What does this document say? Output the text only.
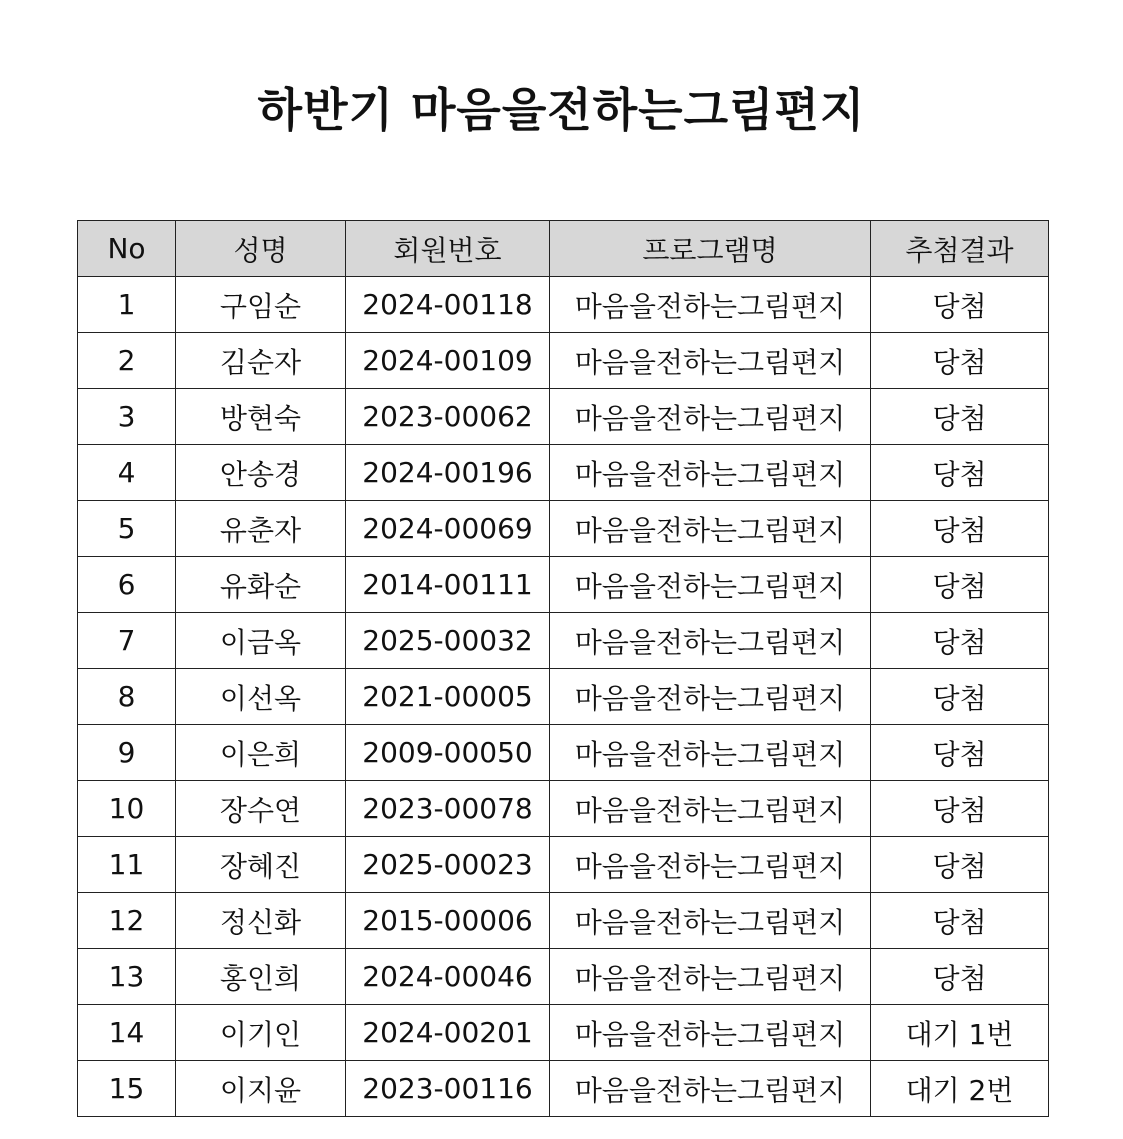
하반기 마음을전하는그림편지
No	성명	회원번호	프로그램명	추첨결과
1	구임순	2024-00118	마음을전하는그림편지	당첨
2	김순자	2024-00109	마음을전하는그림편지	당첨
3	방현숙	2023-00062	마음을전하는그림편지	당첨
4	안송경	2024-00196	마음을전하는그림편지	당첨
5	유춘자	2024-00069	마음을전하는그림편지	당첨
6	유화순	2014-00111	마음을전하는그림편지	당첨
7	이금옥	2025-00032	마음을전하는그림편지	당첨
8	이선옥	2021-00005	마음을전하는그림편지	당첨
9	이은희	2009-00050	마음을전하는그림편지	당첨
10	장수연	2023-00078	마음을전하는그림편지	당첨
11	장혜진	2025-00023	마음을전하는그림편지	당첨
12	정신화	2015-00006	마음을전하는그림편지	당첨
13	홍인희	2024-00046	마음을전하는그림편지	당첨
14	이기인	2024-00201	마음을전하는그림편지	대기 1번
15	이지윤	2023-00116	마음을전하는그림편지	대기 2번
